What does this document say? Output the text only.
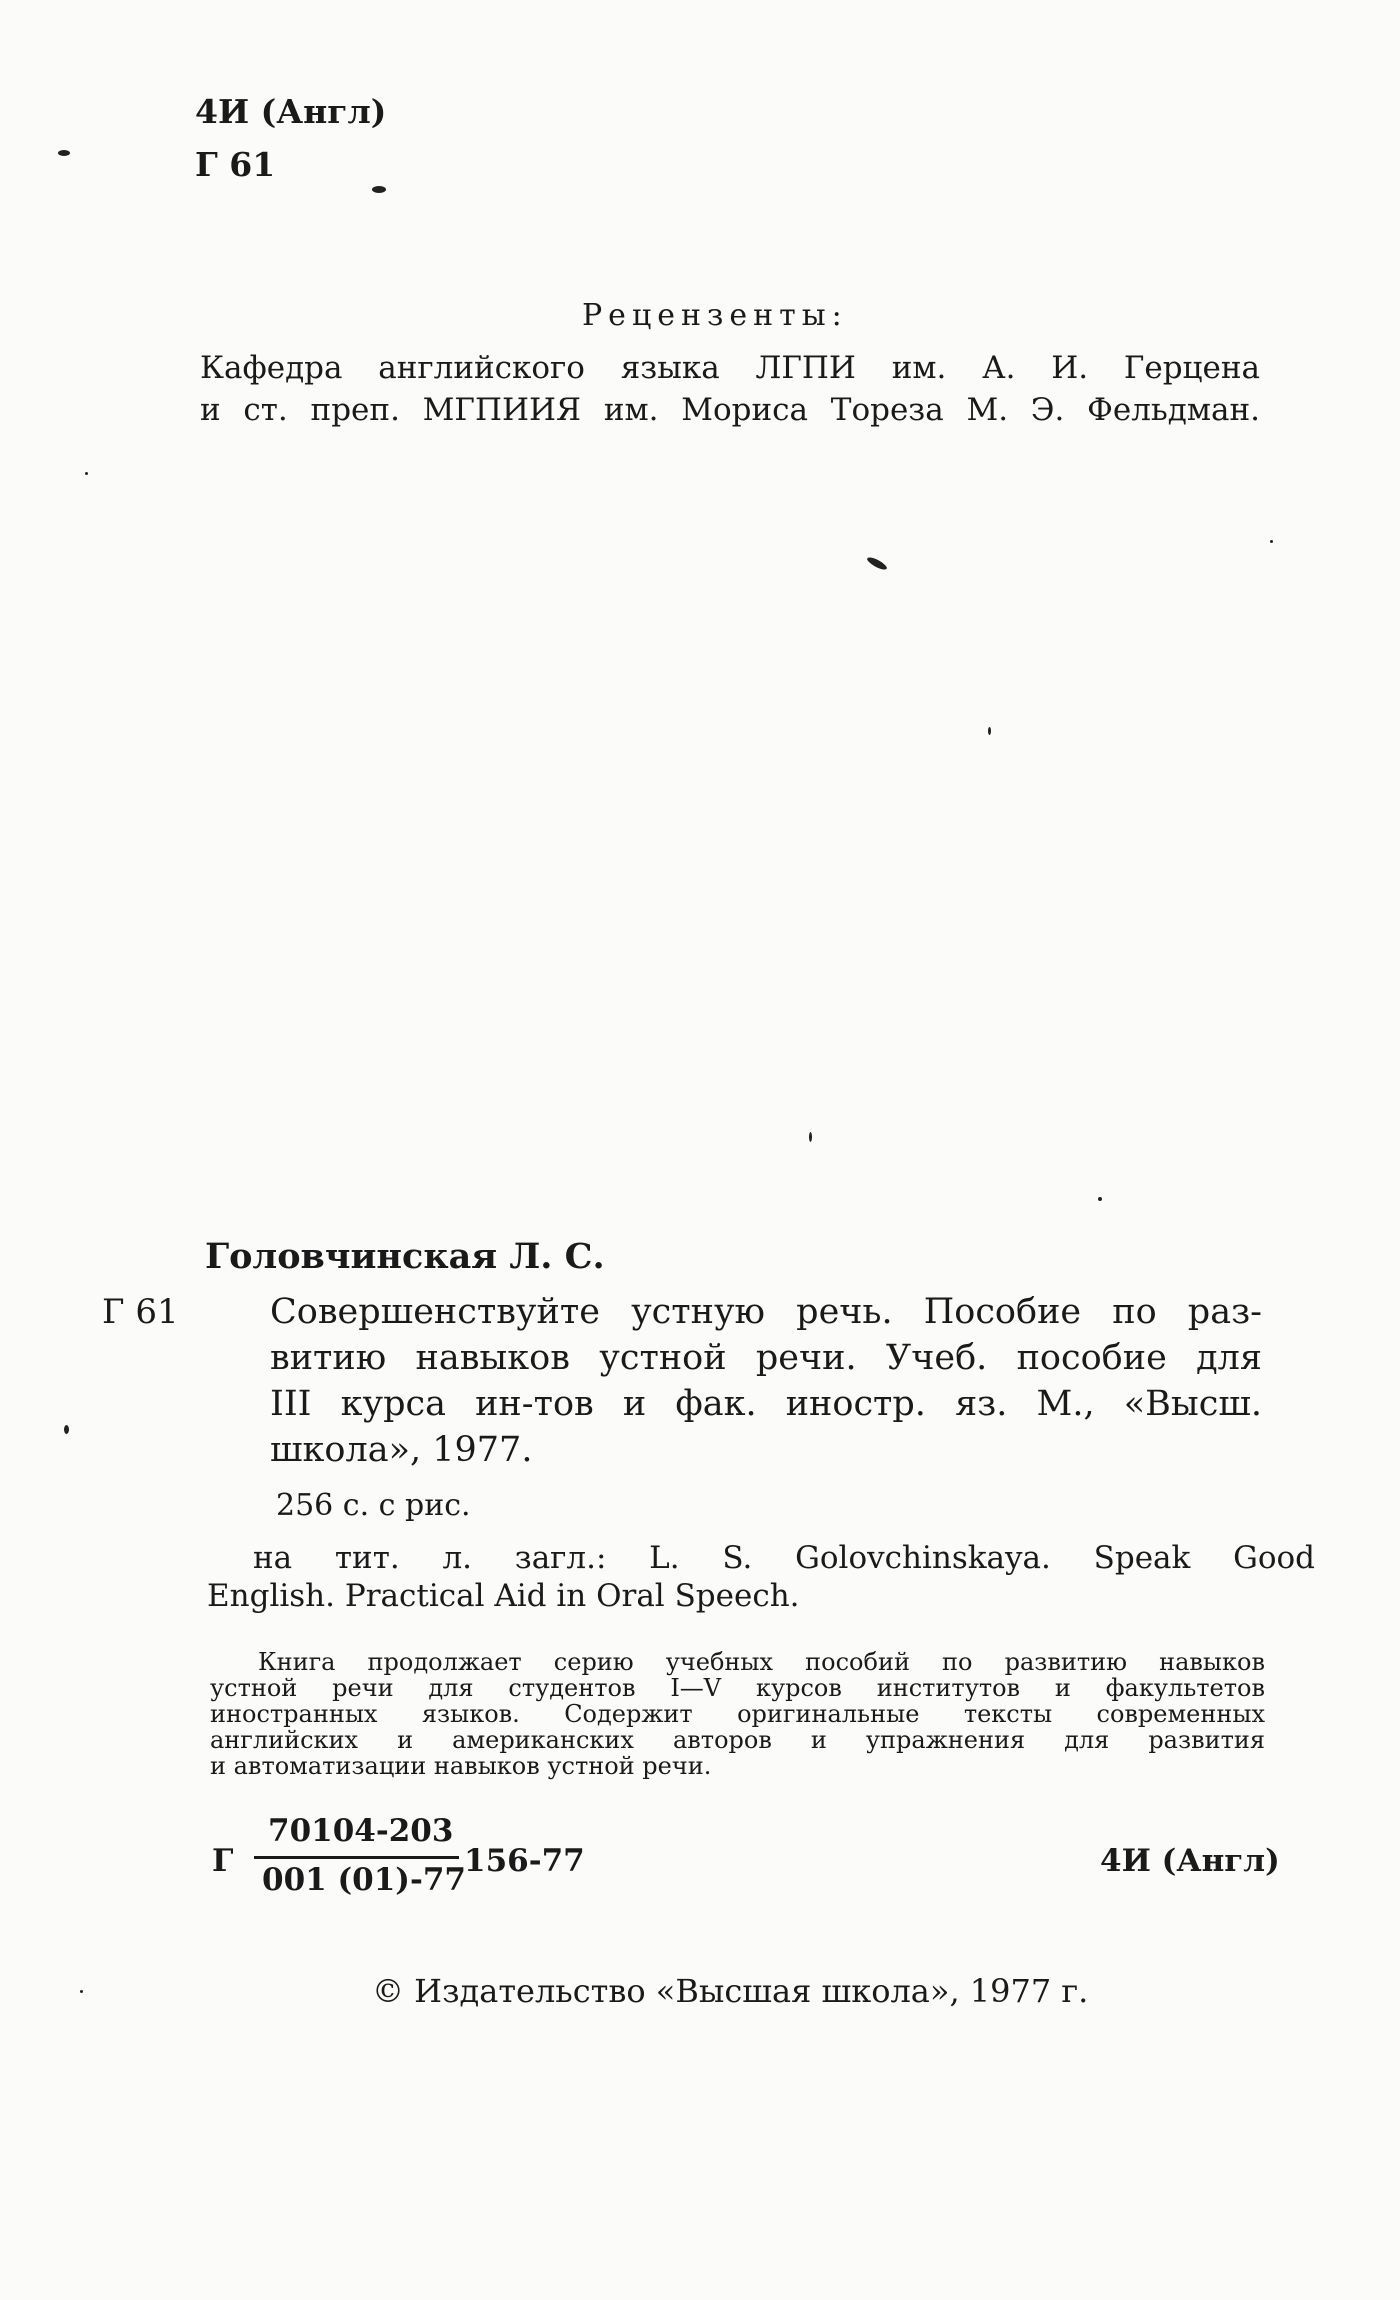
4И (Англ)
Г 61
Рецензенты:
Кафедра английского языка ЛГПИ им. А. И. Герцена
и ст. преп. МГПИИЯ им. Мориса Тореза М. Э. Фельдман.
Головчинская Л. С.
Г 61	Совершенствуйте устную речь. Пособие по раз-
витию навыков устной речи. Учеб. пособие для
III курса ин-тов и фак. иностр. яз. М., «Высш.
школа», 1977.
256 с. с рис.
на тит. л. загл.: L. S. Golovchinskaya. Speak Good
English. Practical Aid in Oral Speech.
Книга продолжает серию учебных пособий по развитию навыков
устной речи для студентов I—V курсов институтов и факультетов
иностранных языков. Содержит оригинальные тексты современных
английских и американских авторов и упражнения для развития
и автоматизации навыков устной речи.
Г
70104-203
001 (01)-77
156-77	4И (Англ)
© Издательство «Высшая школа», 1977 г.
